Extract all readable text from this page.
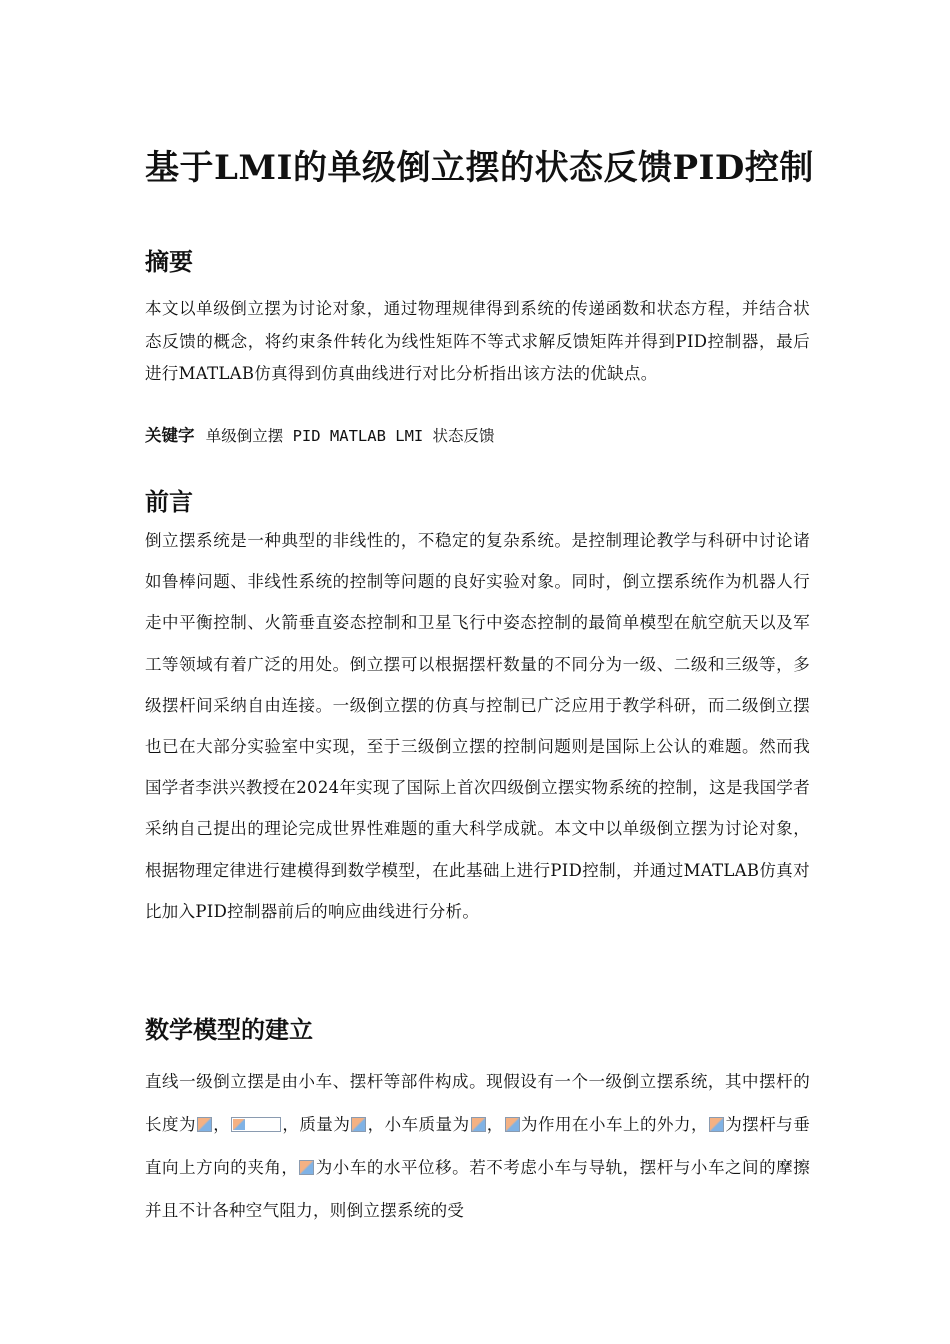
基于LMI的单级倒立摆的状态反馈PID控制
摘要

本文以单级倒立摆为讨论对象，通过物理规律得到系统的传递函数和状态方程，并结合状态反馈的概念，将约束条件转化为线性矩阵不等式求解反馈矩阵并得到PID控制器，最后进行MATLAB仿真得到仿真曲线进行对比分析指出该方法的优缺点。

关键字 单级倒立摆 PID MATLAB LMI 状态反馈
前言

倒立摆系统是一种典型的非线性的，不稳定的复杂系统。是控制理论教学与科研中讨论诸如鲁棒问题、非线性系统的控制等问题的良好实验对象。同时，倒立摆系统作为机器人行走中平衡控制、火箭垂直姿态控制和卫星飞行中姿态控制的最简单模型在航空航天以及军工等领域有着广泛的用处。倒立摆可以根据摆杆数量的不同分为一级、二级和三级等，多级摆杆间采纳自由连接。一级倒立摆的仿真与控制已广泛应用于教学科研，而二级倒立摆也已在大部分实验室中实现，至于三级倒立摆的控制问题则是国际上公认的难题。然而我国学者李洪兴教授在2024年实现了国际上首次四级倒立摆实物系统的控制，这是我国学者采纳自己提出的理论完成世界性难题的重大科学成就。本文中以单级倒立摆为讨论对象，根据物理定律进行建模得到数学模型，在此基础上进行PID控制，并通过MATLAB仿真对比加入PID控制器前后的响应曲线进行分析。

数学模型的建立

直线一级倒立摆是由小车、摆杆等部件构成。现假设有一个一级倒立摆系统，其中摆杆的长度为 ，	，质量为 ，小车质量为 ， 为作用在小车上的外力， 为摆杆与垂直向上方向的夹角， 为小车的水平位移。若不考虑小车与导轨，摆杆与小车之间的摩擦并且不计各种空气阻力，则倒立摆系统的受
